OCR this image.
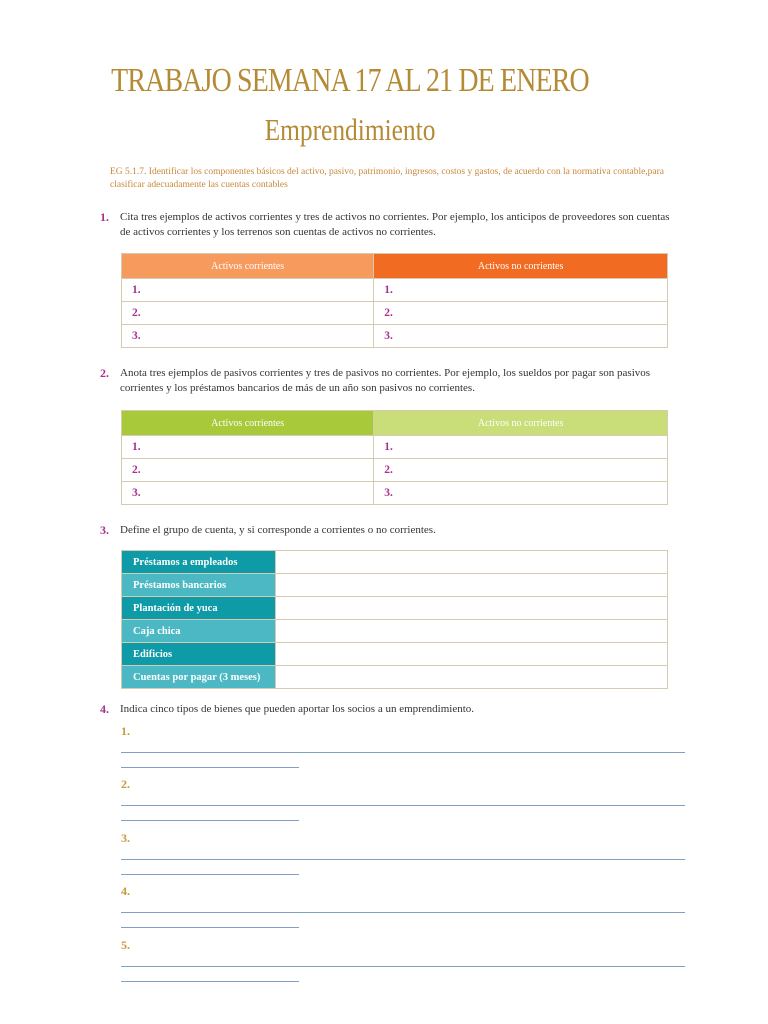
TRABAJO SEMANA 17 AL 21 DE ENERO
Emprendimiento
EG 5.1.7. Identificar los componentes básicos del activo, pasivo, patrimonio, ingresos, costos y gastos, de acuerdo con la normativa contable,para clasificar adecuadamente las cuentas contables
1. Cita tres ejemplos de activos corrientes y tres de activos no corrientes. Por ejemplo, los anticipos de proveedores son cuentas de activos corrientes y los terrenos son cuentas de activos no corrientes.
Activos corrientes	Activos no corrientes
1.	1.
2.	2.
3.	3.
2. Anota tres ejemplos de pasivos corrientes y tres de pasivos no corrientes. Por ejemplo, los sueldos por pagar son pasivos corrientes y los préstamos bancarios de más de un año son pasivos no corrientes.
Activos corrientes	Activos no corrientes
1.	1.
2.	2.
3.	3.
3. Define el grupo de cuenta, y si corresponde a corrientes o no corrientes.
Préstamos a empleados	
Préstamos bancarios	
Plantación de yuca	
Caja chica	
Edificios	
Cuentas por pagar (3 meses)	
4. Indica cinco tipos de bienes que pueden aportar los socios a un emprendimiento.
1.
2.
3.
4.
5.
